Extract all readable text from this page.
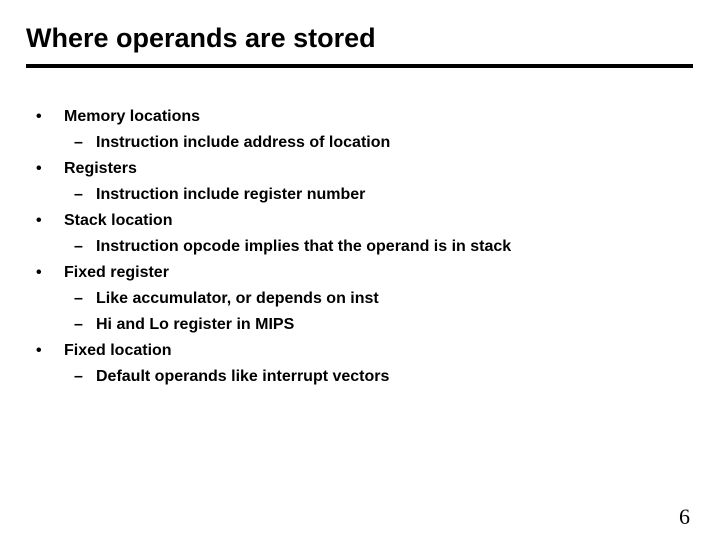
Where operands are stored
• Memory locations
– Instruction include address of location
• Registers
– Instruction include register number
• Stack location
– Instruction opcode implies that the operand is in stack
• Fixed register
– Like accumulator, or depends on inst
– Hi and Lo register in MIPS
• Fixed location
– Default operands like interrupt vectors
6
